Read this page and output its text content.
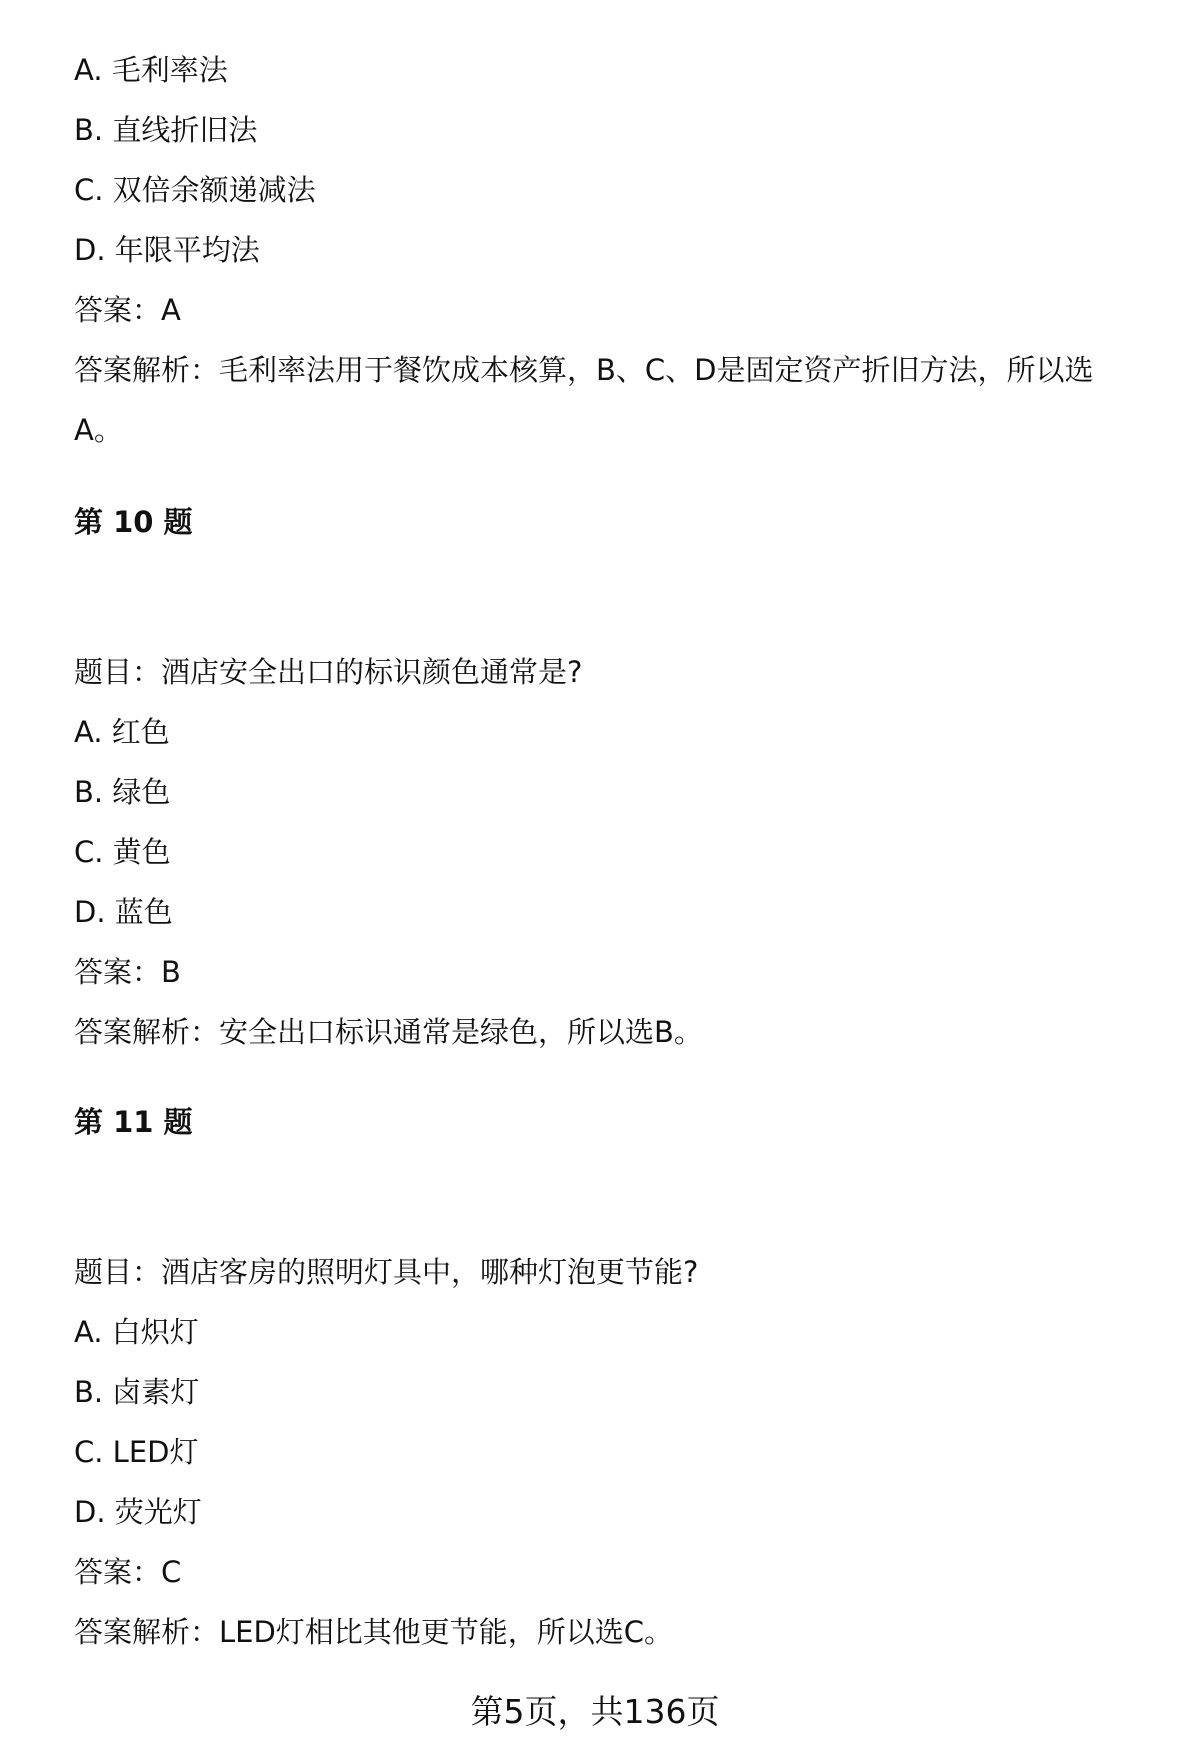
A. 毛利率法
B. 直线折旧法
C. 双倍余额递减法
D. 年限平均法
答案：A
答案解析：毛利率法用于餐饮成本核算，B、C、D是固定资产折旧方法，所以选A。
第 10 题
题目：酒店安全出口的标识颜色通常是?
A. 红色
B. 绿色
C. 黄色
D. 蓝色
答案：B
答案解析：安全出口标识通常是绿色，所以选B。
第 11 题
题目：酒店客房的照明灯具中，哪种灯泡更节能?
A. 白炽灯
B. 卤素灯
C. LED灯
D. 荧光灯
答案：C
答案解析：LED灯相比其他更节能，所以选C。
第5页，共136页
